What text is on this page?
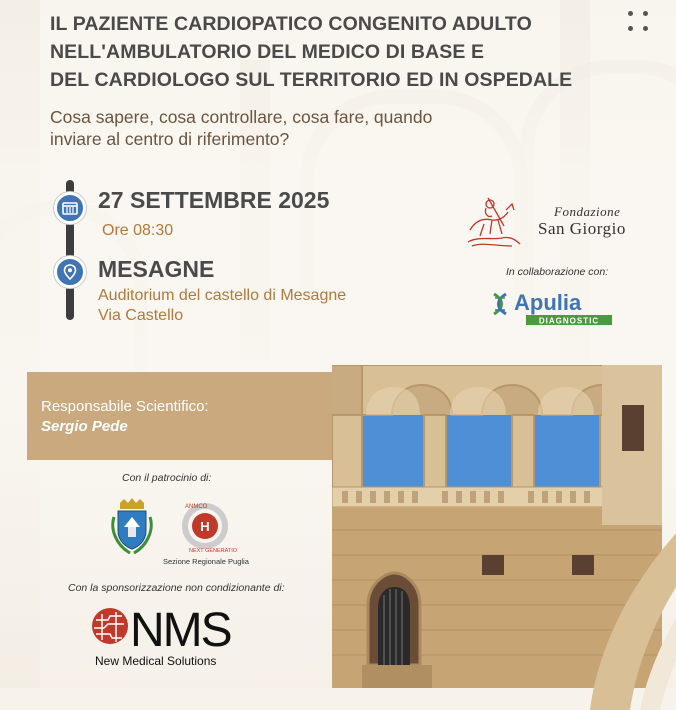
IL PAZIENTE CARDIOPATICO CONGENITO ADULTO
NELL'AMBULATORIO DEL MEDICO DI BASE E
DEL CARDIOLOGO SUL TERRITORIO ED IN OSPEDALE
Cosa sapere, cosa controllare, cosa fare, quando
inviare al centro di riferimento?
27 SETTEMBRE 2025
Ore 08:30
MESAGNE
Auditorium del castello di Mesagne
Via Castello
Fondazione
San Giorgio
In collaborazione con:
Apulia
DIAGNOSTIC
Responsabile Scientifico:
Sergio Pede
Con il patrocinio di:
H
ANMCO
NEXT GENERATION
Sezione Regionale Puglia
Con la sponsorizzazione non condizionante di:
NMS
New Medical Solutions
